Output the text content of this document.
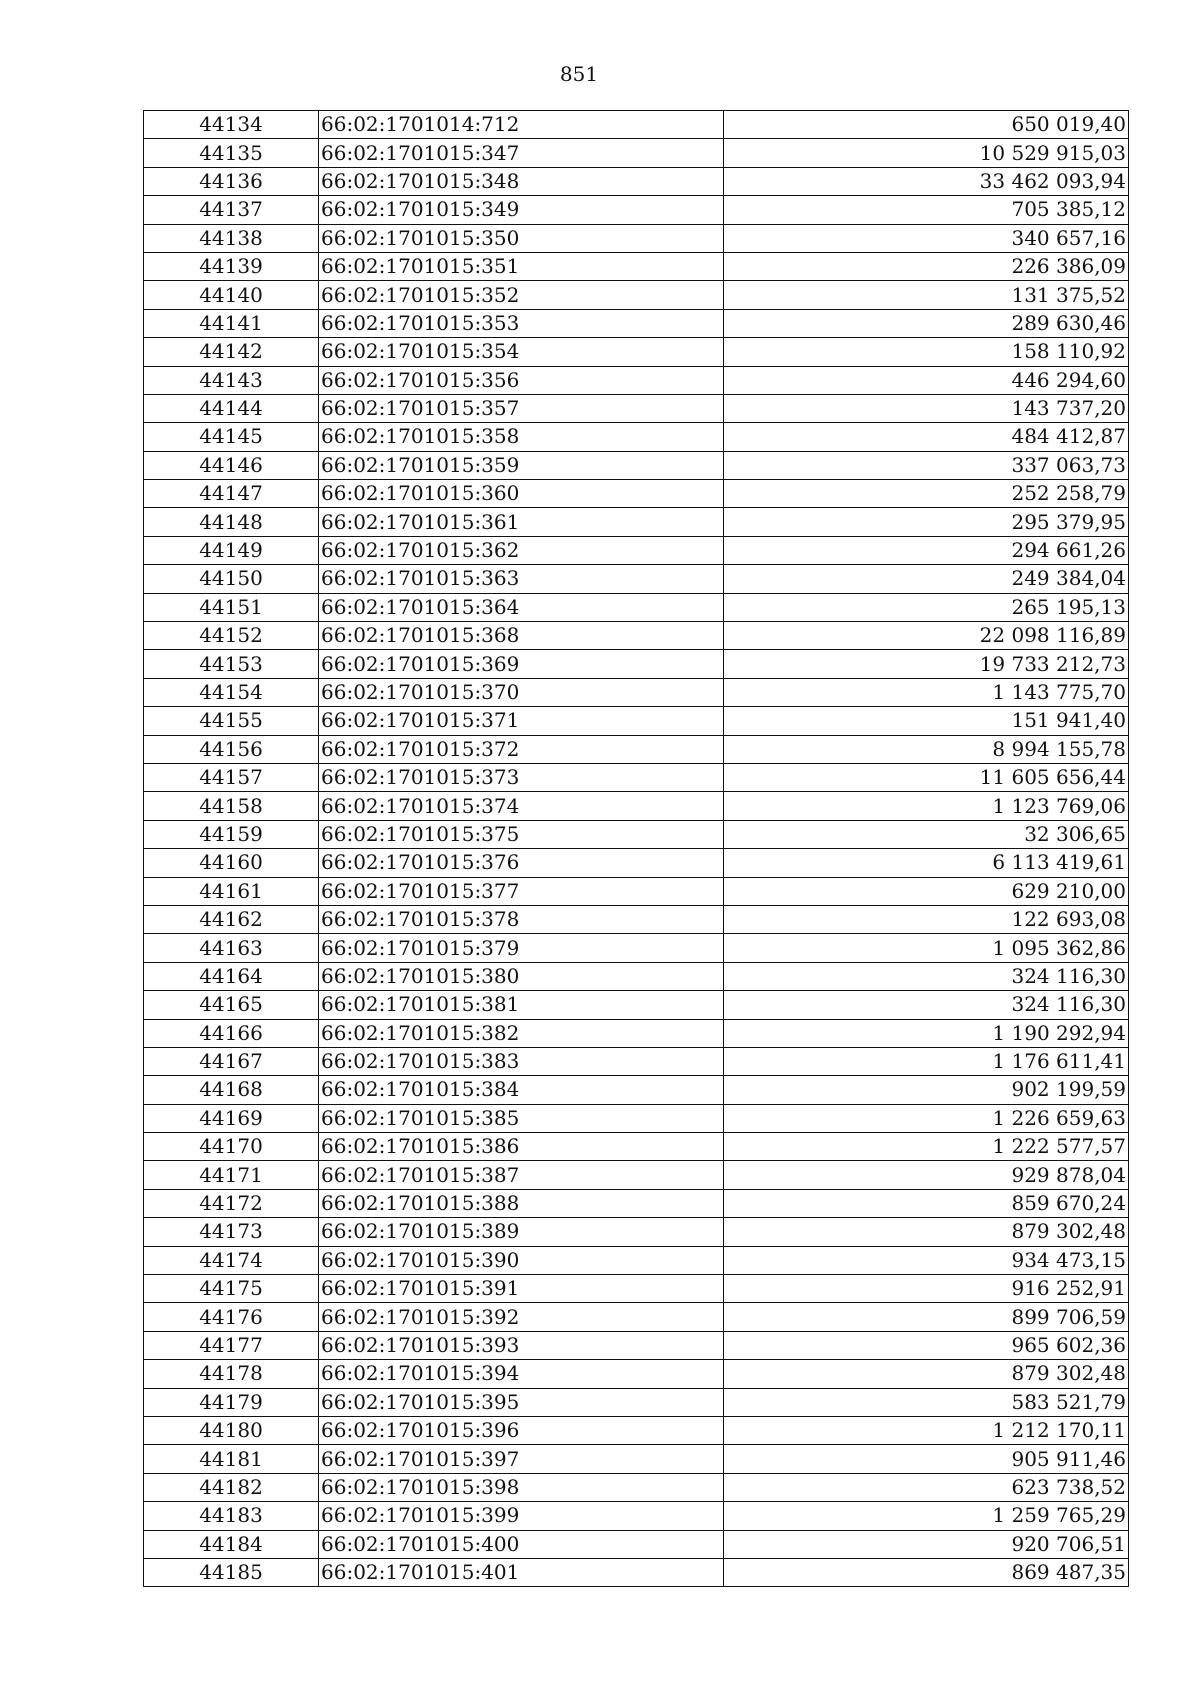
851
44134	66:02:1701014:712	650 019,40
44135	66:02:1701015:347	10 529 915,03
44136	66:02:1701015:348	33 462 093,94
44137	66:02:1701015:349	705 385,12
44138	66:02:1701015:350	340 657,16
44139	66:02:1701015:351	226 386,09
44140	66:02:1701015:352	131 375,52
44141	66:02:1701015:353	289 630,46
44142	66:02:1701015:354	158 110,92
44143	66:02:1701015:356	446 294,60
44144	66:02:1701015:357	143 737,20
44145	66:02:1701015:358	484 412,87
44146	66:02:1701015:359	337 063,73
44147	66:02:1701015:360	252 258,79
44148	66:02:1701015:361	295 379,95
44149	66:02:1701015:362	294 661,26
44150	66:02:1701015:363	249 384,04
44151	66:02:1701015:364	265 195,13
44152	66:02:1701015:368	22 098 116,89
44153	66:02:1701015:369	19 733 212,73
44154	66:02:1701015:370	1 143 775,70
44155	66:02:1701015:371	151 941,40
44156	66:02:1701015:372	8 994 155,78
44157	66:02:1701015:373	11 605 656,44
44158	66:02:1701015:374	1 123 769,06
44159	66:02:1701015:375	32 306,65
44160	66:02:1701015:376	6 113 419,61
44161	66:02:1701015:377	629 210,00
44162	66:02:1701015:378	122 693,08
44163	66:02:1701015:379	1 095 362,86
44164	66:02:1701015:380	324 116,30
44165	66:02:1701015:381	324 116,30
44166	66:02:1701015:382	1 190 292,94
44167	66:02:1701015:383	1 176 611,41
44168	66:02:1701015:384	902 199,59
44169	66:02:1701015:385	1 226 659,63
44170	66:02:1701015:386	1 222 577,57
44171	66:02:1701015:387	929 878,04
44172	66:02:1701015:388	859 670,24
44173	66:02:1701015:389	879 302,48
44174	66:02:1701015:390	934 473,15
44175	66:02:1701015:391	916 252,91
44176	66:02:1701015:392	899 706,59
44177	66:02:1701015:393	965 602,36
44178	66:02:1701015:394	879 302,48
44179	66:02:1701015:395	583 521,79
44180	66:02:1701015:396	1 212 170,11
44181	66:02:1701015:397	905 911,46
44182	66:02:1701015:398	623 738,52
44183	66:02:1701015:399	1 259 765,29
44184	66:02:1701015:400	920 706,51
44185	66:02:1701015:401	869 487,35
